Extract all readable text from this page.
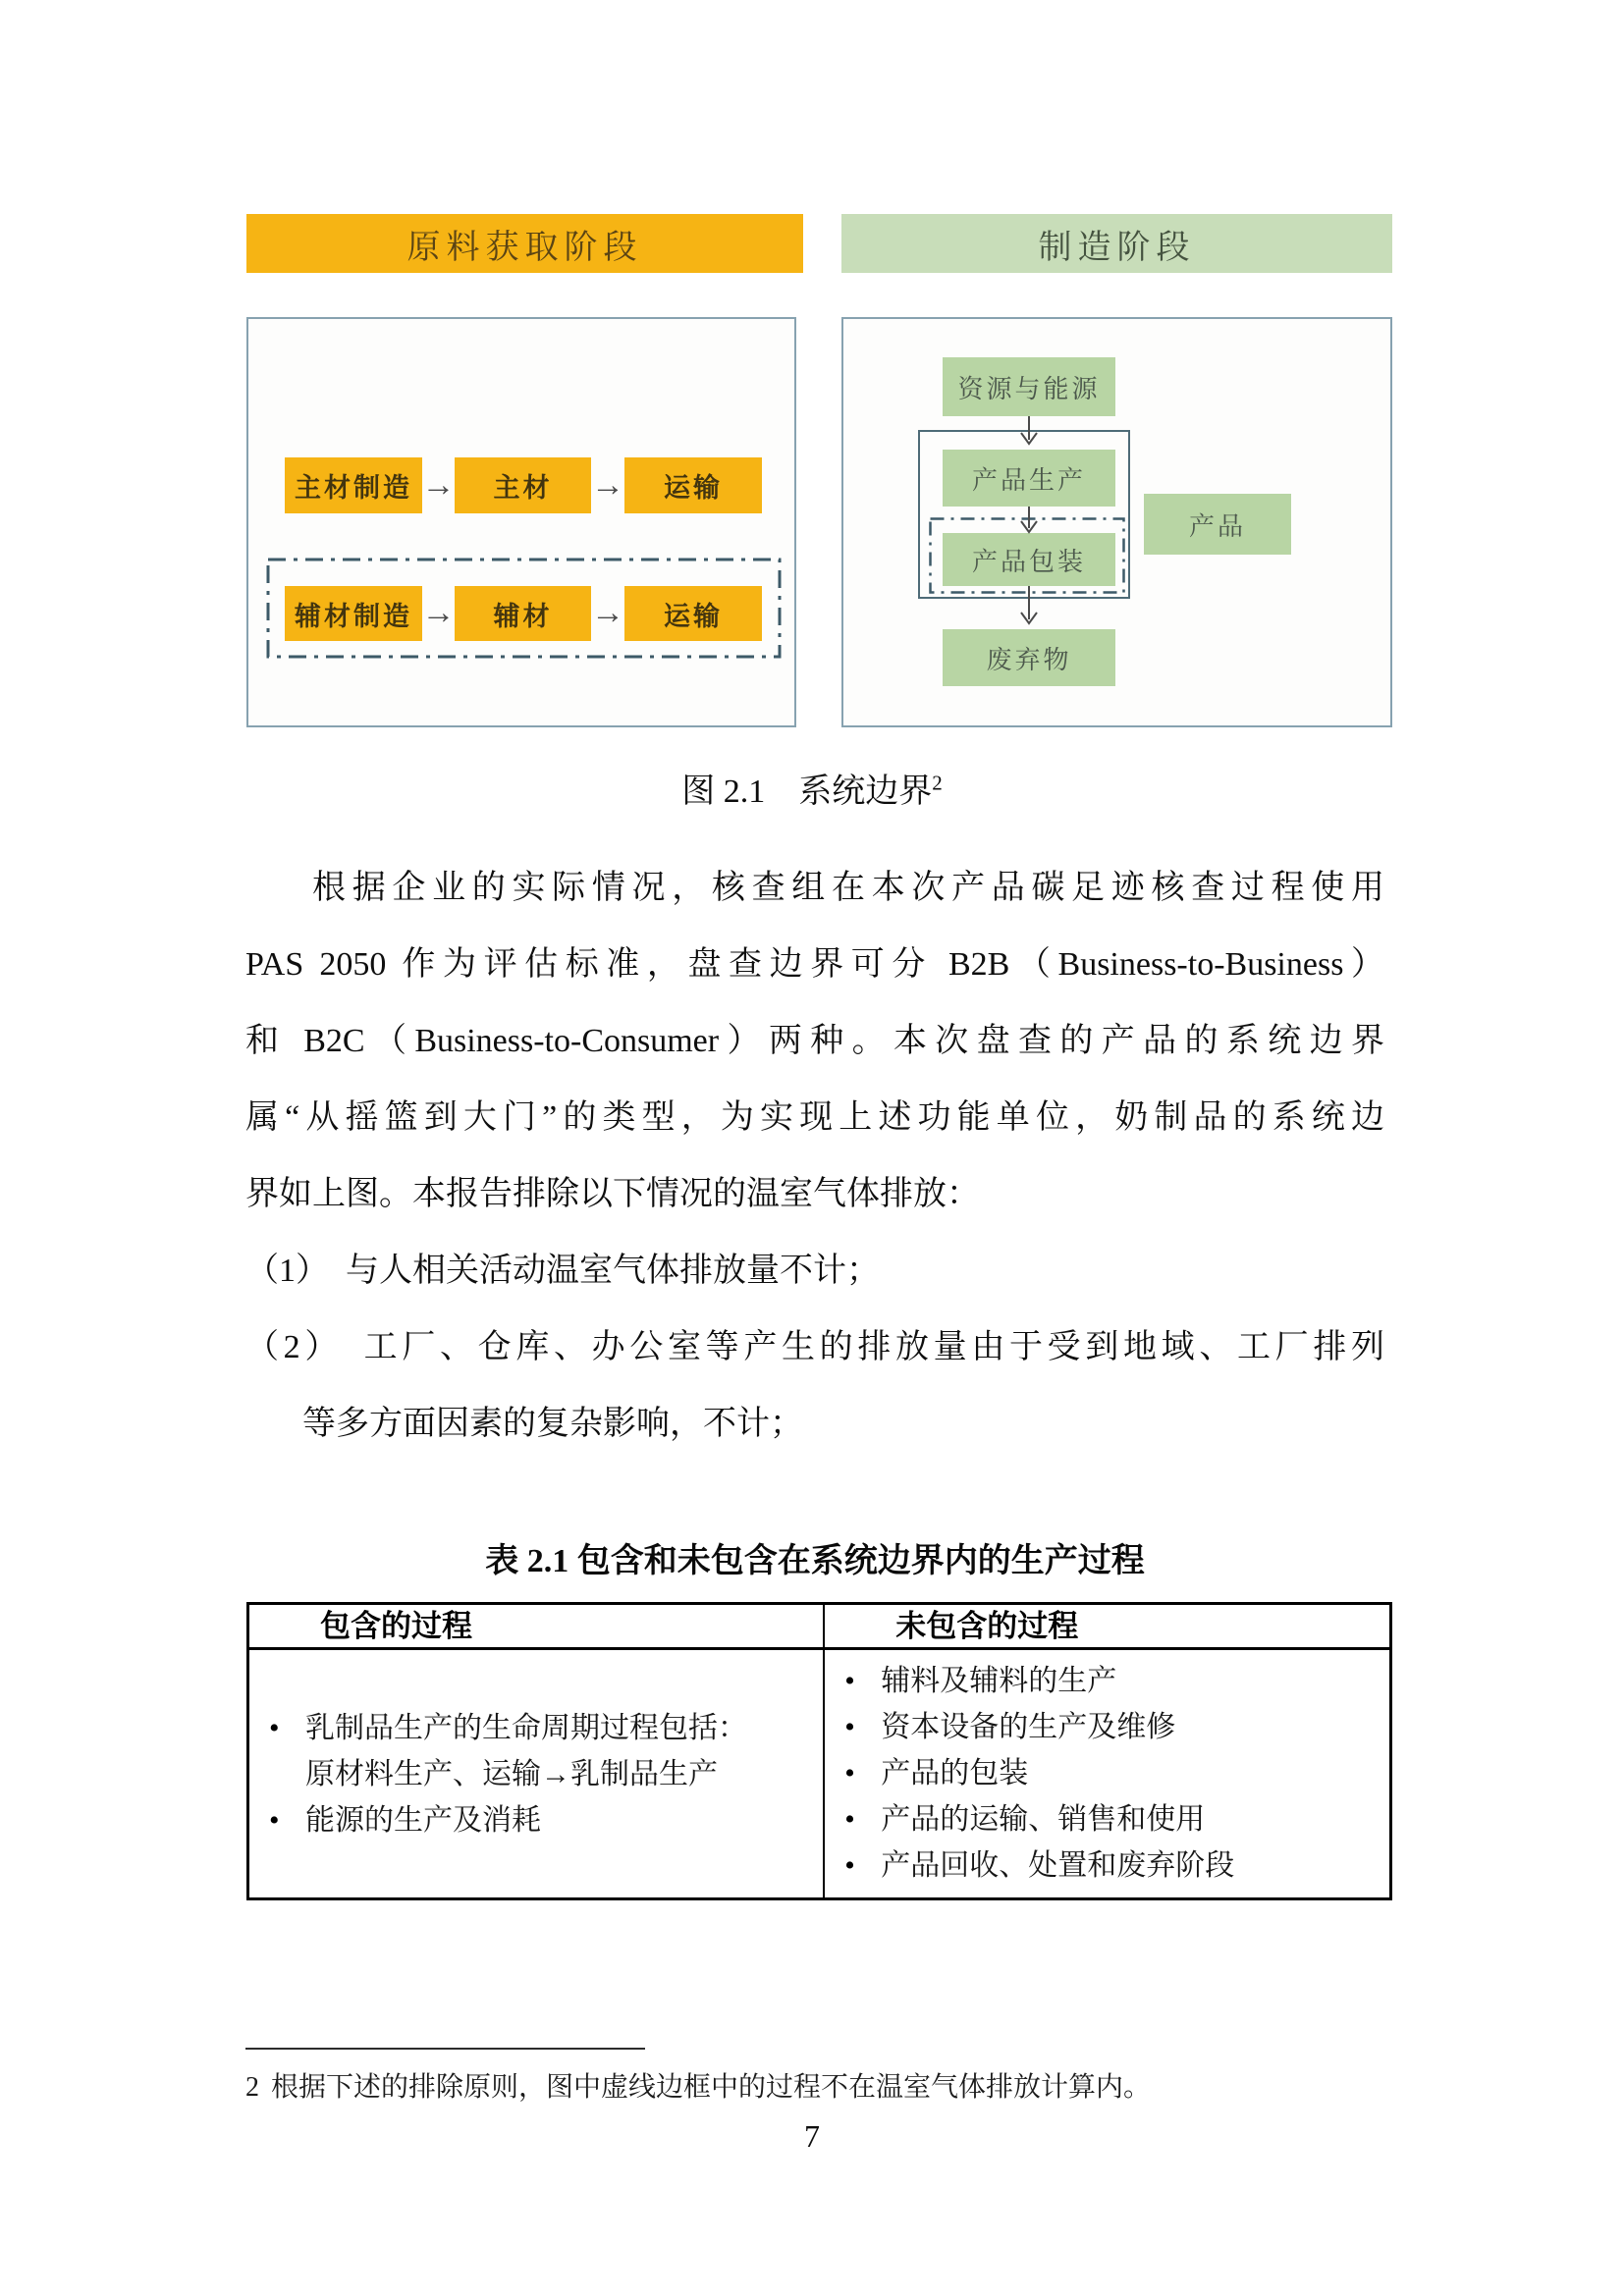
原料获取阶段	制造阶段
主材制造 → 主材 → 运输
辅材制造 → 辅材 → 运输
资源与能源
产品生产
产品包装
废弃物
产品
图 2.1　系统边界$^2$
根据企业的实际情况，核查组在本次产品碳足迹核查过程使用
PAS 2050 作为评估标准，盘查边界可分 B2B（Business-to-Business）
和 B2C（Business-to-Consumer）两种。本次盘查的产品的系统边界
属“从摇篮到大门”的类型，为实现上述功能单位，奶制品的系统边
界如上图。本报告排除以下情况的温室气体排放：
（1）　与人相关活动温室气体排放量不计；
（2）　工厂、仓库、办公室等产生的排放量由于受到地域、工厂排列
等多方面因素的复杂影响，不计；
表 2.1 包含和未包含在系统边界内的生产过程
包含的过程	未包含的过程
• 乳制品生产的生命周期过程包括：
原材料生产、运输→乳制品生产
• 能源的生产及消耗
• 辅料及辅料的生产
• 资本设备的生产及维修
• 产品的包装
• 产品的运输、销售和使用
• 产品回收、处置和废弃阶段
2 根据下述的排除原则，图中虚线边框中的过程不在温室气体排放计算内。
7
